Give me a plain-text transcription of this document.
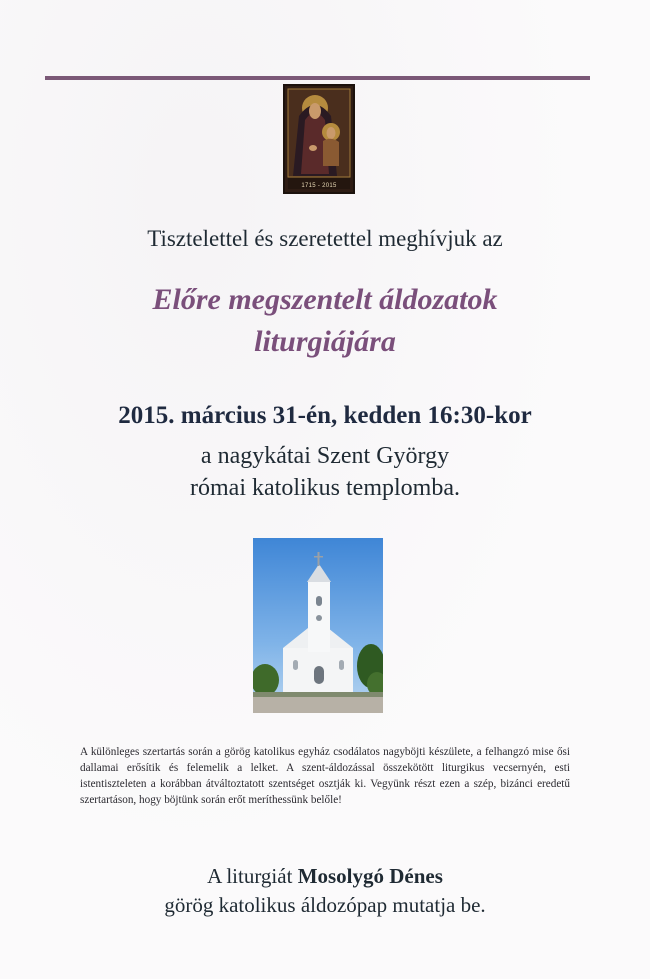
1715 - 2015
Tisztelettel és szeretettel meghívjuk az
Előre megszentelt áldozatok
liturgiájára
2015. március 31-én, kedden 16:30-kor
a nagykátai Szent György
római katolikus templomba.
A különleges szertartás során a görög katolikus egyház csodálatos nagyböjti készülete, a felhangzó mise ősi dallamai erősítik és felemelik a lelket. A szent-áldozással összekötött liturgikus vecsernyén, esti istentiszteleten a korábban átváltoztatott szentséget osztják ki. Vegyünk részt ezen a szép, bizánci eredetű szertartáson, hogy böjtünk során erőt meríthessünk belőle!
A liturgiát Mosolygó Dénes
görög katolikus áldozópap mutatja be.
